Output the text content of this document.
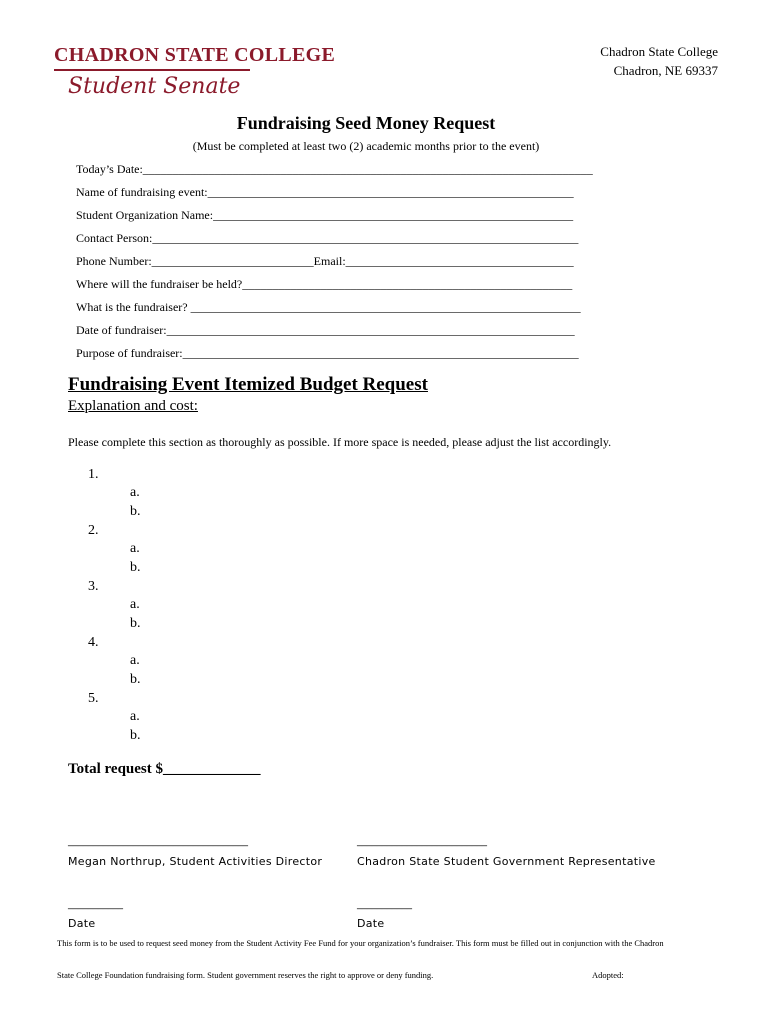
CHADRON STATE COLLEGE
Student Senate
Chadron State College
Chadron, NE 69337
Fundraising Seed Money Request
(Must be completed at least two (2) academic months prior to the event)
Today’s Date:___________________________________________________________________________
Name of fundraising event:_____________________________________________________________
Student Organization Name:____________________________________________________________
Contact Person:_______________________________________________________________________
Phone Number:___________________________Email:______________________________________
Where will the fundraiser be held?_______________________________________________________
What is the fundraiser? _________________________________________________________________
Date of fundraiser:____________________________________________________________________
Purpose of fundraiser:__________________________________________________________________
Fundraising Event Itemized Budget Request
Explanation and cost:
Please complete this section as thoroughly as possible. If more space is needed, please adjust the list accordingly.
1.
a.
b.
2.
a.
b.
3.
a.
b.
4.
a.
b.
5.
a.
b.
Total request $_____________
____________________________________
Megan Northrup, Student Activities Director
__________________________
Chadron State Student Government Representative
___________
Date
___________
Date
This form is to be used to request seed money from the Student Activity Fee Fund for your organization’s fundraiser. This form must be filled out in conjunction with the Chadron
State College Foundation fundraising form. Student government reserves the right to approve or deny funding.	Adopted:
